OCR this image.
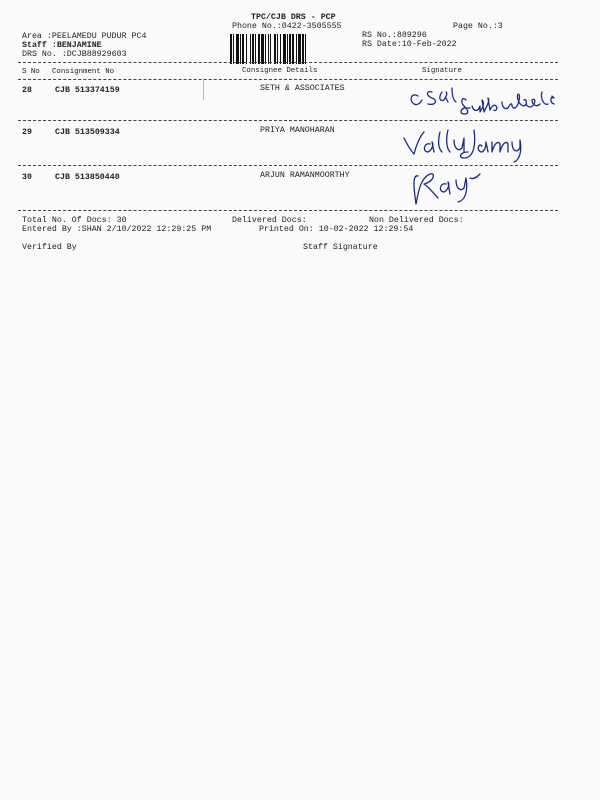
TPC/CJB DRS - PCP
Phone No.:0422-3505555	Page No.:3
Area :PEELAMEDU PUDUR PC4
Staff :BENJAMINE
DRS No. :DCJB88929603
RS No.:889296
RS Date:10-Feb-2022
S No Consignment No	Consignee Details	Signature
28	CJB 513374159	SETH & ASSOCIATES
29	CJB 513509334	PRIYA MANOHARAN
30	CJB 513850440	ARJUN RAMANMOORTHY
Total No. Of Docs: 30	Delivered Docs:	Non Delivered Docs:
Entered By :SHAN 2/10/2022 12:29:25 PM	Printed On: 10-02-2022 12:29:54
Verified By	Staff Signature
